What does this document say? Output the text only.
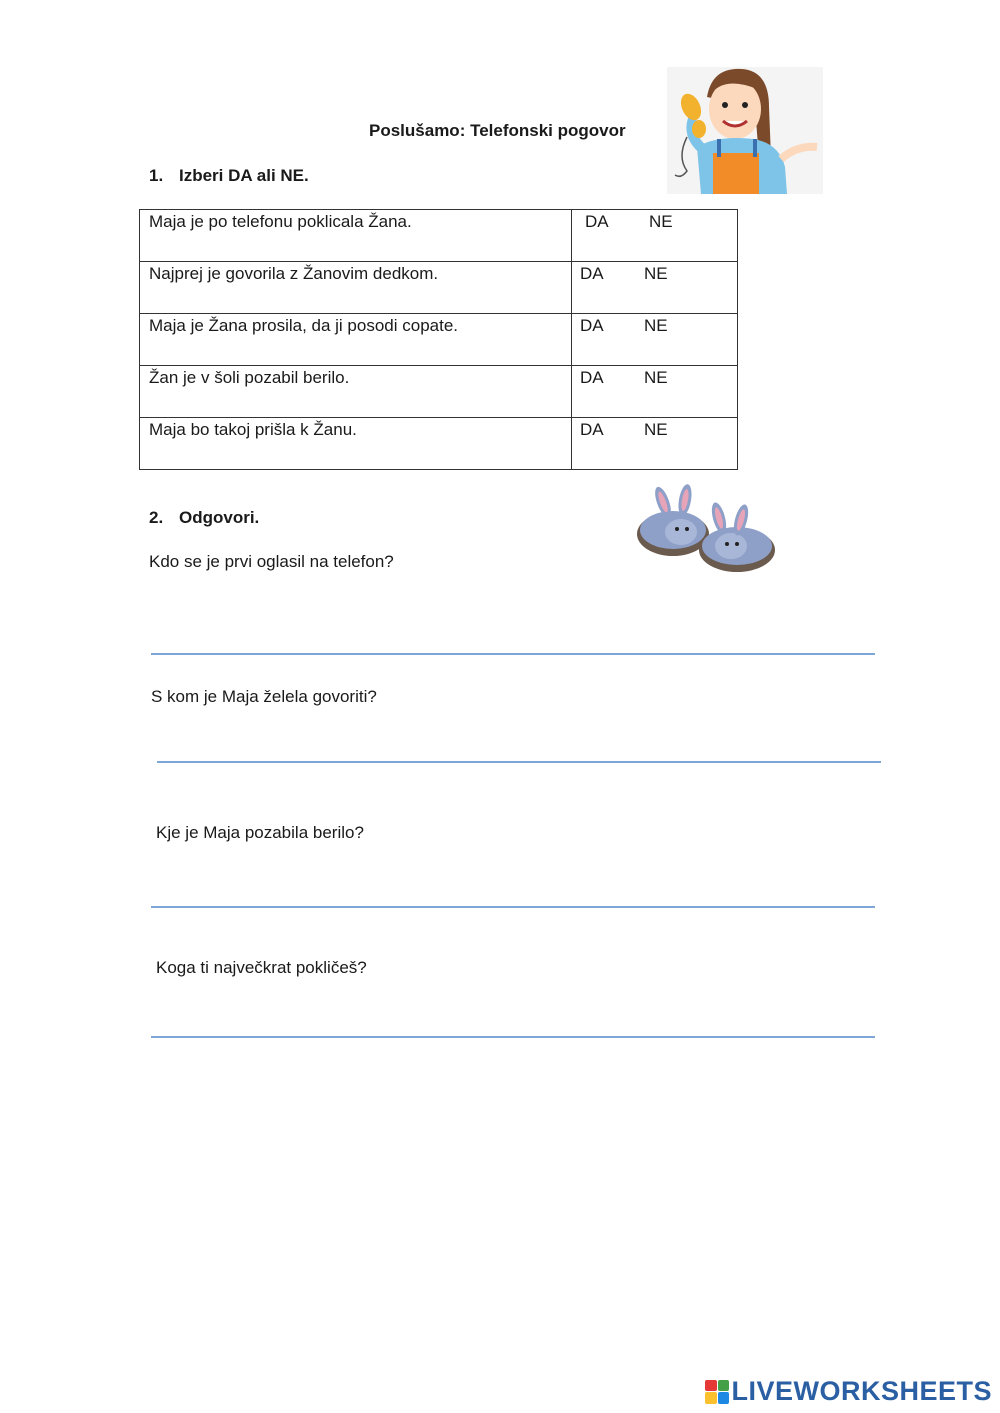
Poslušamo: Telefonski pogovor
1. Izberi DA ali NE.
Maja je po telefonu poklicala Žana.	DA NE
Najprej je govorila z Žanovim dedkom.	DA NE
Maja je Žana prosila, da ji posodi copate.	DA NE
Žan je v šoli pozabil berilo.	DA NE
Maja bo takoj prišla k Žanu.	DA NE
2. Odgovori.
Kdo se je prvi oglasil na telefon?
S kom je Maja želela govoriti?
Kje je Maja pozabila berilo?
Koga ti največkrat pokličeš?
LIVEWORKSHEETS
